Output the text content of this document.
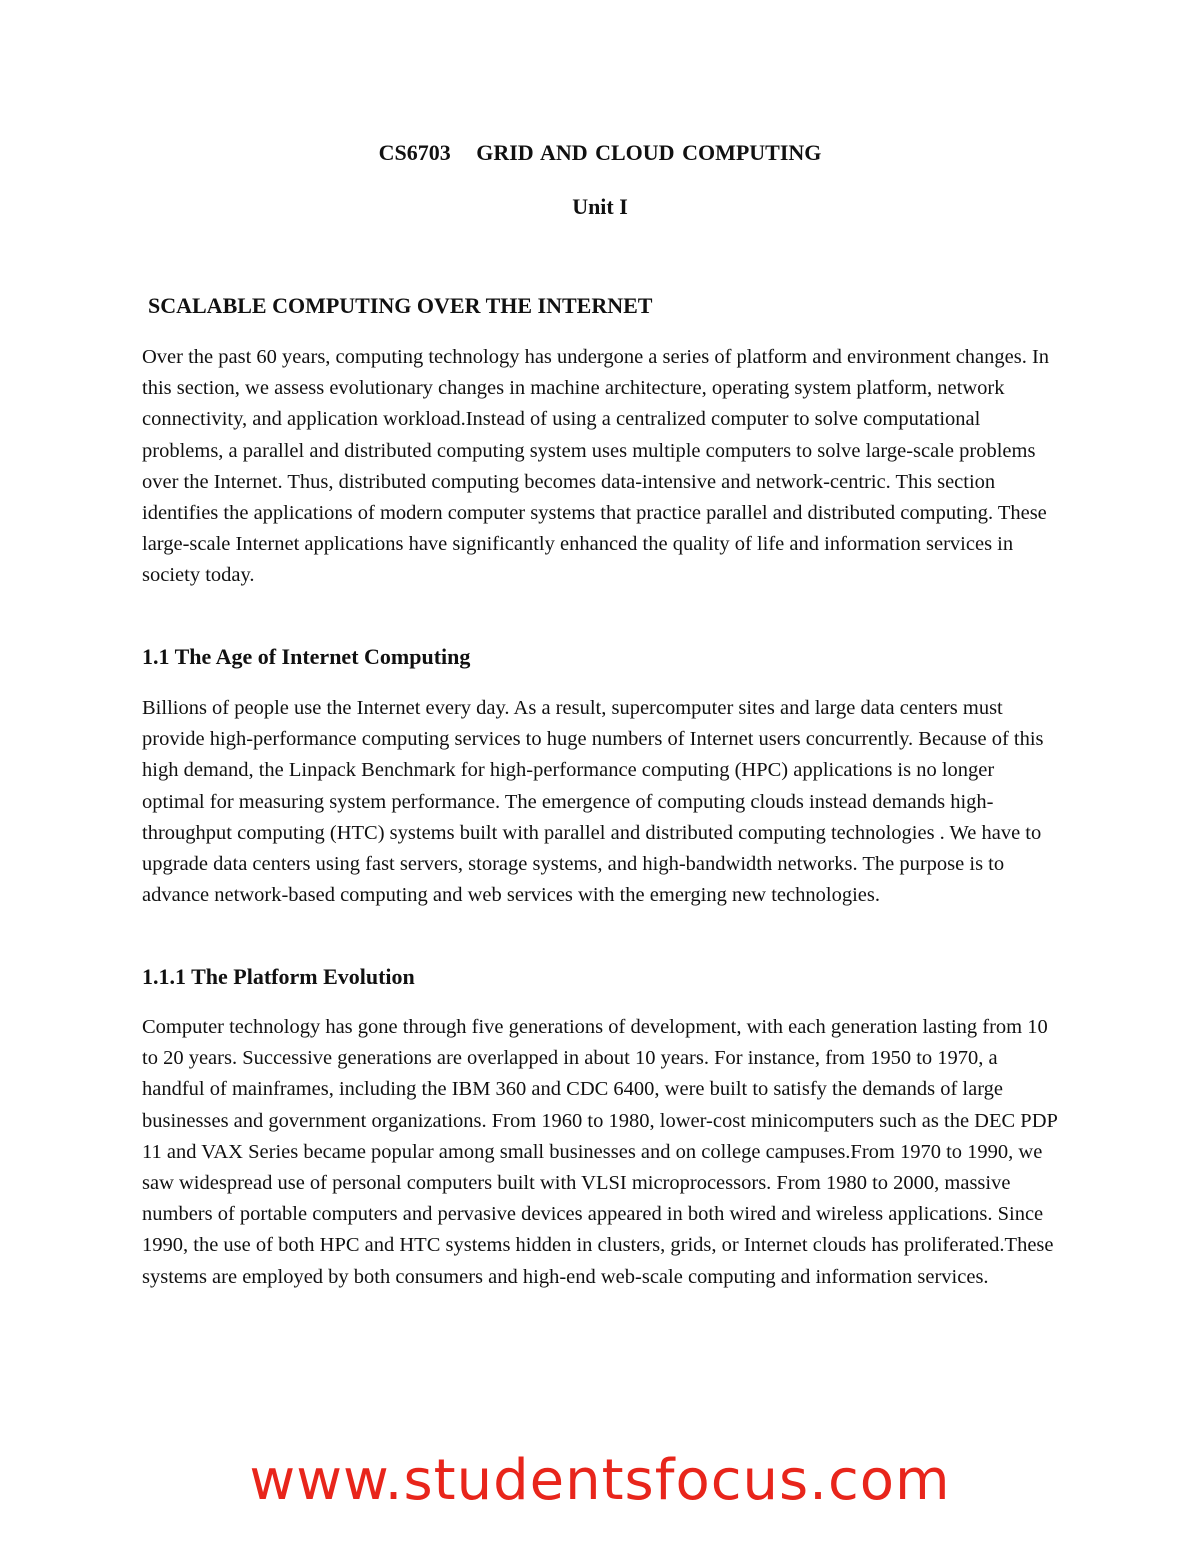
CS6703 GRID AND CLOUD COMPUTING
Unit I
SCALABLE COMPUTING OVER THE INTERNET

Over the past 60 years, computing technology has undergone a series of platform and environment changes. In this section, we assess evolutionary changes in machine architecture, operating system platform, network connectivity, and application workload.Instead of using a centralized computer to solve computational problems, a parallel and distributed computing system uses multiple computers to solve large-scale problems over the Internet. Thus, distributed computing becomes data-intensive and network-centric. This section identifies the applications of modern computer systems that practice parallel and distributed computing. These large-scale Internet applications have significantly enhanced the quality of life and information services in society today.

1.1 The Age of Internet Computing

Billions of people use the Internet every day. As a result, supercomputer sites and large data centers must provide high-performance computing services to huge numbers of Internet users concurrently. Because of this high demand, the Linpack Benchmark for high-performance computing (HPC) applications is no longer optimal for measuring system performance. The emergence of computing clouds instead demands high-throughput computing (HTC) systems built with parallel and distributed computing technologies . We have to upgrade data centers using fast servers, storage systems, and high-bandwidth networks. The purpose is to advance network-based computing and web services with the emerging new technologies.

1.1.1 The Platform Evolution

Computer technology has gone through five generations of development, with each generation lasting from 10 to 20 years. Successive generations are overlapped in about 10 years. For instance, from 1950 to 1970, a handful of mainframes, including the IBM 360 and CDC 6400, were built to satisfy the demands of large businesses and government organizations. From 1960 to 1980, lower-cost minicomputers such as the DEC PDP 11 and VAX Series became popular among small businesses and on college campuses.From 1970 to 1990, we saw widespread use of personal computers built with VLSI microprocessors. From 1980 to 2000, massive numbers of portable computers and pervasive devices appeared in both wired and wireless applications. Since 1990, the use of both HPC and HTC systems hidden in clusters, grids, or Internet clouds has proliferated.These systems are employed by both consumers and high-end web-scale computing and information services.

www.studentsfocus.com
